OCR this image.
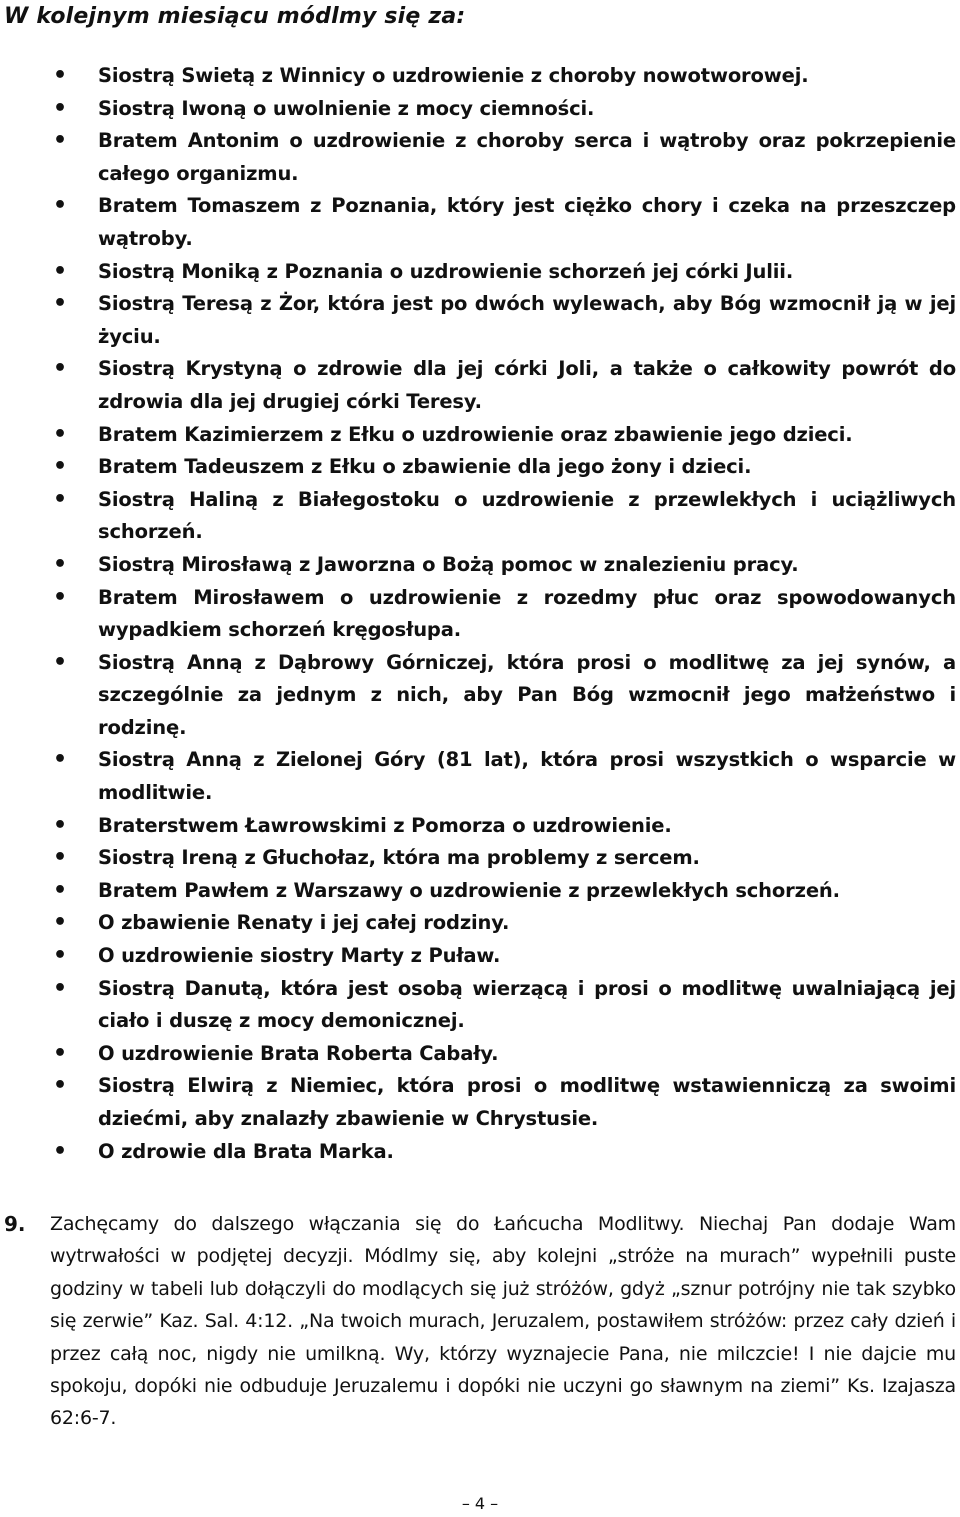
W kolejnym miesiącu módlmy się za:
•	Siostrą Swietą z Winnicy o uzdrowienie z choroby nowotworowej.
•	Siostrą Iwoną o uwolnienie z mocy ciemności.
•	Bratem Antonim o uzdrowienie z choroby serca i wątroby oraz pokrzepienie całego organizmu.
•	Bratem Tomaszem z Poznania, który jest ciężko chory i czeka na przeszczep wątroby.
•	Siostrą Moniką z Poznania o uzdrowienie schorzeń jej córki Julii.
•	Siostrą Teresą z Żor, która jest po dwóch wylewach, aby Bóg wzmocnił ją w jej życiu.
•	Siostrą Krystyną o zdrowie dla jej córki Joli, a także o całkowity powrót do zdrowia dla jej drugiej córki Teresy.
•	Bratem Kazimierzem z Ełku o uzdrowienie oraz zbawienie jego dzieci.
•	Bratem Tadeuszem z Ełku o zbawienie dla jego żony i dzieci.
•	Siostrą Haliną z Białegostoku o uzdrowienie z przewlekłych i uciążliwych schorzeń.
•	Siostrą Mirosławą z Jaworzna o Bożą pomoc w znalezieniu pracy.
•	Bratem Mirosławem o uzdrowienie z rozedmy płuc oraz spowodowanych wypadkiem schorzeń kręgosłupa.
•	Siostrą Anną z Dąbrowy Górniczej, która prosi o modlitwę za jej synów, a szczególnie za jednym z nich, aby Pan Bóg wzmocnił jego małżeństwo i rodzinę.
•	Siostrą Anną z Zielonej Góry (81 lat), która prosi wszystkich o wsparcie w modlitwie.
•	Braterstwem Ławrowskimi z Pomorza o uzdrowienie.
•	Siostrą Ireną z Głuchołaz, która ma problemy z sercem.
•	Bratem Pawłem z Warszawy o uzdrowienie z przewlekłych schorzeń.
•	O zbawienie Renaty i jej całej rodziny.
•	O uzdrowienie siostry Marty z Puław.
•	Siostrą Danutą, która jest osobą wierzącą i prosi o modlitwę uwalniającą jej ciało i duszę z mocy demonicznej.
•	O uzdrowienie Brata Roberta Cabały.
•	Siostrą Elwirą z Niemiec, która prosi o modlitwę wstawienniczą za swoimi dziećmi, aby znalazły zbawienie w Chrystusie.
•	O zdrowie dla Brata Marka.
9. Zachęcamy do dalszego włączania się do Łańcucha Modlitwy. Niechaj Pan dodaje Wam wytrwałości w podjętej decyzji. Módlmy się, aby kolejni „stróże na murach” wypełnili puste godziny w tabeli lub dołączyli do modlących się już stróżów, gdyż „sznur potrójny nie tak szybko się zerwie” Kaz. Sal. 4:12. „Na twoich murach, Jeruzalem, postawiłem stróżów: przez cały dzień i przez całą noc, nigdy nie umilkną. Wy, którzy wyznajecie Pana, nie milczcie! I nie dajcie mu spokoju, dopóki nie odbuduje Jeruzalemu i dopóki nie uczyni go sławnym na ziemi” Ks. Izajasza 62:6-7.
– 4 –
